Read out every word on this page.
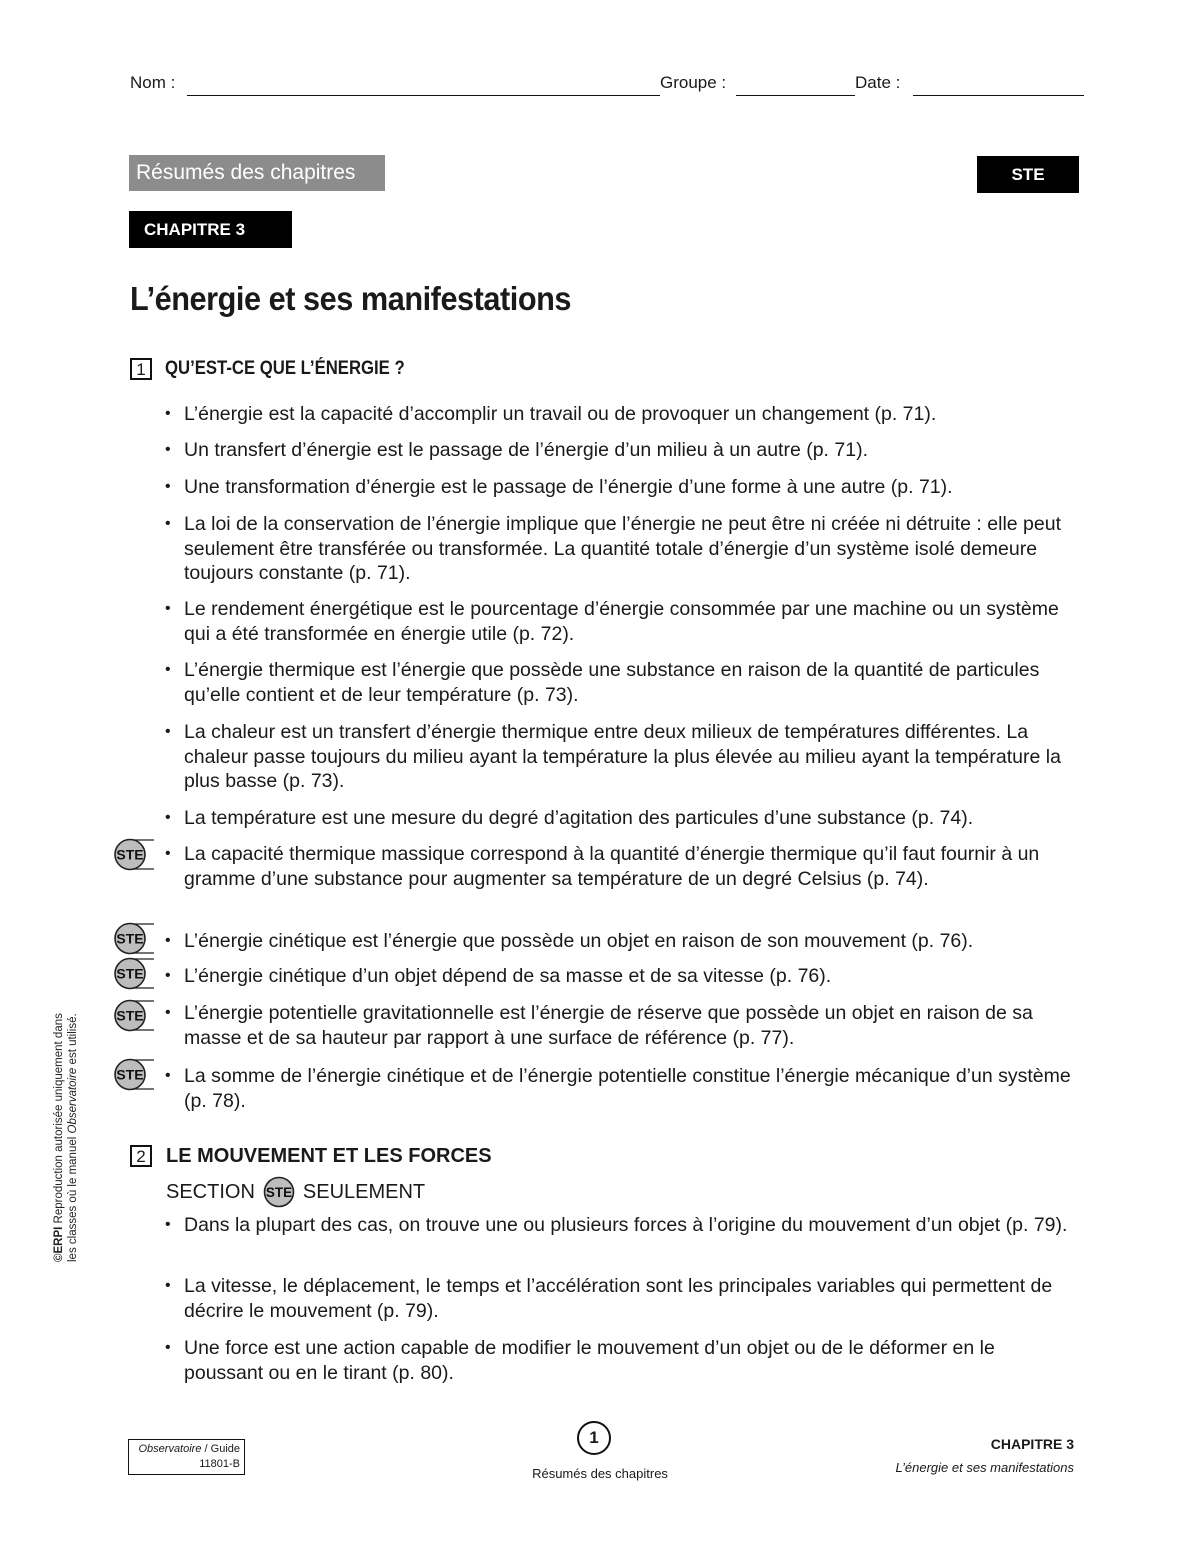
Nom :	Groupe :	Date :
Résumés des chapitres	STE
CHAPITRE 3
L’énergie et ses manifestations
1	QU’EST-CE QUE L’ÉNERGIE ?
• L’énergie est la capacité d’accomplir un travail ou de provoquer un changement (p. 71).
• Un transfert d’énergie est le passage de l’énergie d’un milieu à un autre (p. 71).
• Une transformation d’énergie est le passage de l’énergie d’une forme à une autre (p. 71).
• La loi de la conservation de l’énergie implique que l’énergie ne peut être ni créée ni détruite : elle peut seulement être transférée ou transformée. La quantité totale d’énergie d’un système isolé demeure toujours constante (p. 71).
• Le rendement énergétique est le pourcentage d’énergie consommée par une machine ou un système qui a été transformée en énergie utile (p. 72).
• L’énergie thermique est l’énergie que possède une substance en raison de la quantité de particules qu’elle contient et de leur température (p. 73).
• La chaleur est un transfert d’énergie thermique entre deux milieux de températures différentes. La chaleur passe toujours du milieu ayant la température la plus élevée au milieu ayant la température la plus basse (p. 73).
• La température est une mesure du degré d’agitation des particules d’une substance (p. 74).
• La capacité thermique massique correspond à la quantité d’énergie thermique qu’il faut fournir à un gramme d’une substance pour augmenter sa température de un degré Celsius (p. 74).
• L’énergie cinétique est l’énergie que possède un objet en raison de son mouvement (p. 76).
• L’énergie cinétique d’un objet dépend de sa masse et de sa vitesse (p. 76).
• L’énergie potentielle gravitationnelle est l’énergie de réserve que possède un objet en raison de sa masse et de sa hauteur par rapport à une surface de référence (p. 77).
• La somme de l’énergie cinétique et de l’énergie potentielle constitue l’énergie mécanique d’un système (p. 78).
STE
STE
STE
STE
STE
2	LE MOUVEMENT ET LES FORCES
SECTION STE SEULEMENT
• Dans la plupart des cas, on trouve une ou plusieurs forces à l’origine du mouvement d’un objet (p. 79).
• La vitesse, le déplacement, le temps et l’accélération sont les principales variables qui permettent de décrire le mouvement (p. 79).
• Une force est une action capable de modifier le mouvement d’un objet ou de le déformer en le poussant ou en le tirant (p. 80).
©ERPI Reproduction autorisée uniquement dans les classes où le manuel Observatoire est utilisé.
Observatoire / Guide
11801-B
1
Résumés des chapitres
CHAPITRE 3
L’énergie et ses manifestations
